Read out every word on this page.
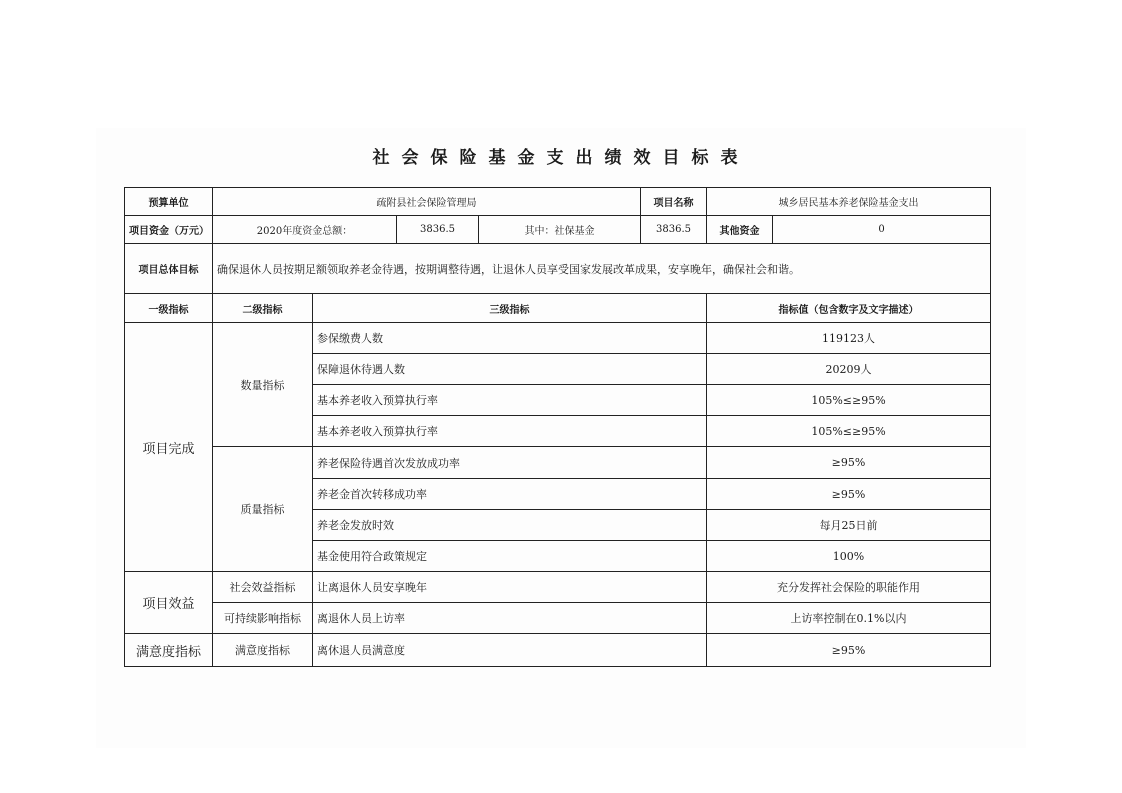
社会保险基金支出绩效目标表
预算单位	疏附县社会保险管理局				项目名称	城乡居民基本养老保险基金支出	
项目资金（万元）	2020年度资金总额：		3836.5	其中：社保基金	3836.5	其他资金	0
项目总体目标	确保退休人员按期足额领取养老金待遇，按期调整待遇，让退休人员享受国家发展改革成果，安享晚年，确保社会和谐。						
一级指标	二级指标	三级指标				指标值（包含数字及文字描述）	
项目完成	数量指标	参保缴费人数				119123人	
		保障退休待遇人数				20209人	
		基本养老收入预算执行率				105%≤≥95%	
		基本养老收入预算执行率				105%≤≥95%	
	质量指标	养老保险待遇首次发放成功率				≥95%	
		养老金首次转移成功率				≥95%	
		养老金发放时效				每月25日前	
		基金使用符合政策规定				100%	
项目效益	社会效益指标	让离退休人员安享晚年				充分发挥社会保险的职能作用	
	可持续影响指标	离退休人员上访率				上访率控制在0.1%以内	
满意度指标	满意度指标	离休退人员满意度				≥95%	
